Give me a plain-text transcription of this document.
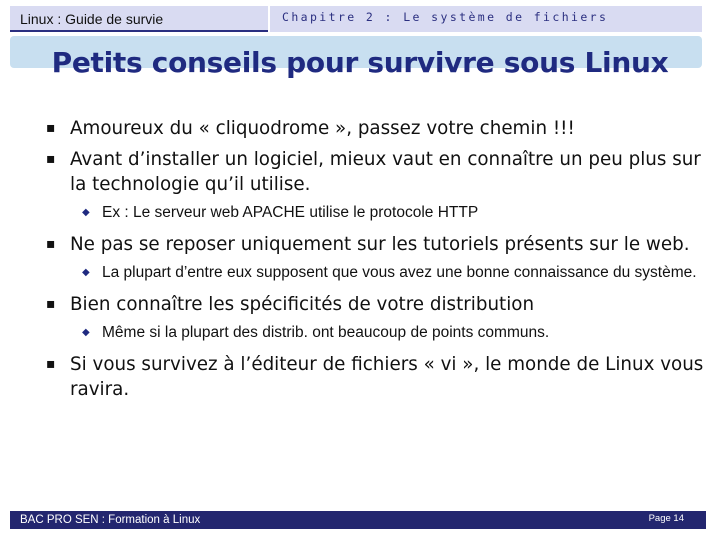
Linux : Guide de survie	Chapitre 2 : Le système de fichiers
Petits conseils pour survivre sous Linux
▪ Amoureux du « cliquodrome », passez votre chemin !!!
▪ Avant d’installer un logiciel, mieux vaut en connaître un peu plus sur la technologie qu’il utilise.
◆ Ex : Le serveur web APACHE utilise le protocole HTTP
▪ Ne pas se reposer uniquement sur les tutoriels présents sur le web.
◆ La plupart d’entre eux supposent que vous avez une bonne connaissance du système.
▪ Bien connaître les spécificités de votre distribution
◆ Même si la plupart des distrib. ont beaucoup de points communs.
▪ Si vous survivez à l’éditeur de fichiers « vi », le monde de Linux vous ravira.
BAC PRO SEN : Formation à Linux	Page 14
